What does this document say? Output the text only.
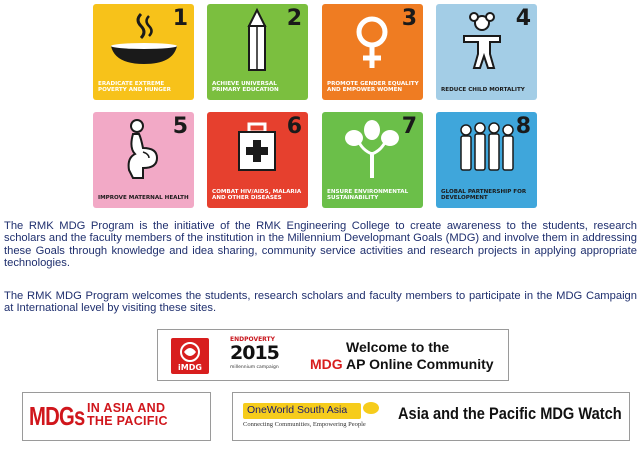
1
ERADICATE EXTREME POVERTY AND HUNGER
2
ACHIEVE UNIVERSAL PRIMARY EDUCATION
3
PROMOTE GENDER EQUALITY AND EMPOWER WOMEN
4
REDUCE CHILD MORTALITY
5
IMPROVE MATERNAL HEALTH
6
COMBAT HIV/AIDS, MALARIA AND OTHER DISEASES
7
ENSURE ENVIRONMENTAL SUSTAINABILITY
8
GLOBAL PARTNERSHIP FOR DEVELOPMENT

The RMK MDG Program is the initiative of the RMK Engineering College to create awareness to the students, research scholars and the faculty members of the institution in the Millennium Developmant Goals (MDG) and involve them in addressing these Goals through knowledge and idea sharing, community service activities and research projects in applying appropriate technologies.

The RMK MDG Program welcomes the students, research scholars and faculty members to participate in the MDG Campaign at International level by visiting these sites.

iMDG
ENDPOVERTY
2015
millennium campaign
Welcome to the
MDG AP Online Community
MDGs IN ASIA AND
THE PACIFIC
OneWorld South Asia
Connecting Communities, Empowering People
Asia and the Pacific MDG Watch
